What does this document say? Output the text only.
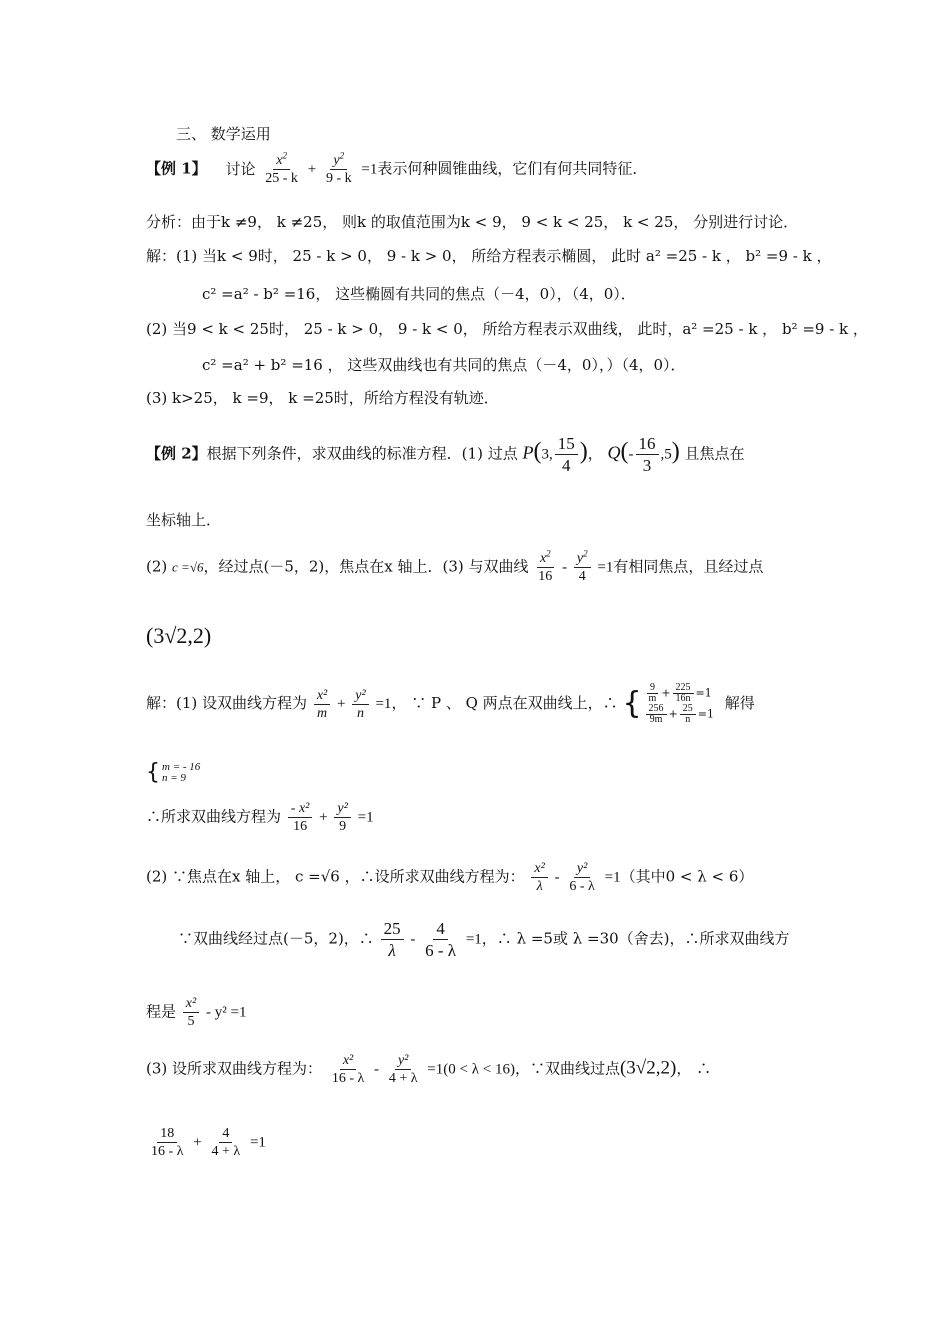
三、 数学运用
【例 1】 讨论 $\frac{x^2}{25 - k} + \frac{y^2}{9 - k} =1$表示何种圆锥曲线，它们有何共同特征．
分析：由于k ≠9， k ≠25， 则k 的取值范围为k < 9， 9 < k < 25， k < 25， 分别进行讨论．
解：(1) 当k < 9时， 25 - k > 0， 9 - k > 0， 所给方程表示椭圆， 此时 a² =25 - k ， b² =9 - k ，
c² =a² - b² =16， 这些椭圆有共同的焦点（－4，0），（4，0）．
(2) 当9 < k < 25时， 25 - k > 0， 9 - k < 0， 所给方程表示双曲线， 此时，a² =25 - k ， b² =9 - k ，
c² =a² + b² =16 ， 这些双曲线也有共同的焦点（－4，0），）（4，0）．
(3) k>25， k =9， k =25时，所给方程没有轨迹．
【例 2】根据下列条件，求双曲线的标准方程．(1) 过点 P(3, $\frac{15}{4}$ )， $Q(- \frac{16}{3} ,5)$ 且焦点在
坐标轴上．
(2) c =√6，经过点(－5，2)，焦点在x 轴上．(3) 与双曲线 $\frac{x^2}{16} - \frac{y^2}{4} =1$有相同焦点，且经过点
(3√2,2)
解：(1) 设双曲线方程为 $\frac{\text{x²}}{m} + \frac{\text{y²}}{n} =1$， ∵ P 、 Q 两点在双曲线上，∴ { $\frac{9}{m} + \frac{225}{16n} =1$
$\frac{256}{9m} + \frac{25}{n} =1$
解得
{ m = - 16
n = 9
∴所求双曲线方程为 $\frac{\text{- x²}}{16} + \frac{\text{y²}}{9} =1$
(2) ∵焦点在x 轴上， c =√6 ，∴设所求双曲线方程为： $\frac{\text{x²}}{\lambda} - \frac{\text{y²}}{6 - \lambda} =1$（其中0 < λ < 6）
∵双曲线经过点(－5，2)，∴ $\frac{25}{\lambda} - \frac{4}{6 - \lambda} =1$，∴ λ =5或 λ =30（舍去)，∴所求双曲线方
程是 $\frac{\text{x²}}{5} - y^2 =1$
(3) 设所求双曲线方程为： $\frac{\text{x²}}{16 - \lambda} - \frac{\text{y²}}{4 + \lambda} =1(0 < \lambda < 16)$，∵双曲线过点(3√2,2)， ∴
$\frac{18}{16 - \lambda} + \frac{4}{4 + \lambda} =1$
